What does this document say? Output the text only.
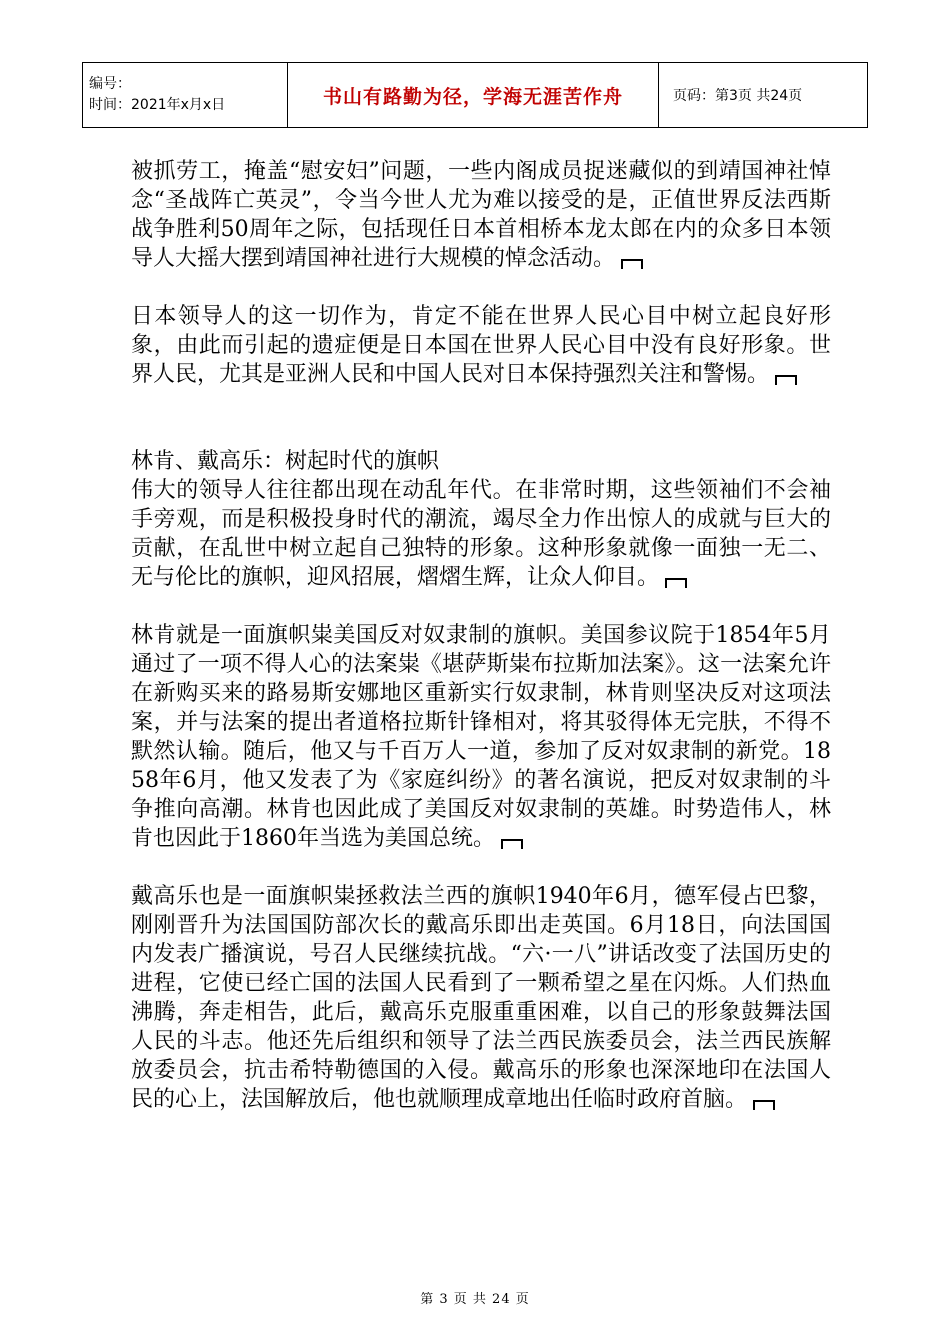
编号：
时间：2021年x月x日	书山有路勤为径，学海无涯苦作舟	页码：第3页 共24页

被抓劳工，掩盖“慰安妇”问题，一些内阁成员捉迷藏似的到靖国神社悼念“圣战阵亡英灵”，令当今世人尤为难以接受的是，正值世界反法西斯战争胜利50周年之际，包括现任日本首相桥本龙太郎在内的众多日本领导人大摇大摆到靖国神社进行大规模的悼念活动。

日本领导人的这一切作为，肯定不能在世界人民心目中树立起良好形象，由此而引起的遗症便是日本国在世界人民心目中没有良好形象。世界人民，尤其是亚洲人民和中国人民对日本保持强烈关注和警惕。

林肯、戴高乐：树起时代的旗帜

伟大的领导人往往都出现在动乱年代。在非常时期，这些领袖们不会袖手旁观，而是积极投身时代的潮流，竭尽全力作出惊人的成就与巨大的贡献，在乱世中树立起自己独特的形象。这种形象就像一面独一无二、无与伦比的旗帜，迎风招展，熠熠生辉，让众人仰目。

林肯就是一面旗帜粜美国反对奴隶制的旗帜。美国参议院于1854年5月通过了一项不得人心的法案粜《堪萨斯粜布拉斯加法案》。这一法案允许在新购买来的路易斯安娜地区重新实行奴隶制，林肯则坚决反对这项法案，并与法案的提出者道格拉斯针锋相对，将其驳得体无完肤，不得不默然认输。随后，他又与千百万人一道，参加了反对奴隶制的新党。1858年6月，他又发表了为《家庭纠纷》的著名演说，把反对奴隶制的斗争推向高潮。林肯也因此成了美国反对奴隶制的英雄。时势造伟人，林肯也因此于1860年当选为美国总统。

戴高乐也是一面旗帜粜拯救法兰西的旗帜1940年6月，德军侵占巴黎，刚刚晋升为法国国防部次长的戴高乐即出走英国。6月18日，向法国国内发表广播演说，号召人民继续抗战。“六·一八”讲话改变了法国历史的进程，它使已经亡国的法国人民看到了一颗希望之星在闪烁。人们热血沸腾，奔走相告，此后，戴高乐克服重重困难，以自己的形象鼓舞法国人民的斗志。他还先后组织和领导了法兰西民族委员会，法兰西民族解放委员会，抗击希特勒德国的入侵。戴高乐的形象也深深地印在法国人民的心上，法国解放后，他也就顺理成章地出任临时政府首脑。

第 3 页 共 24 页
